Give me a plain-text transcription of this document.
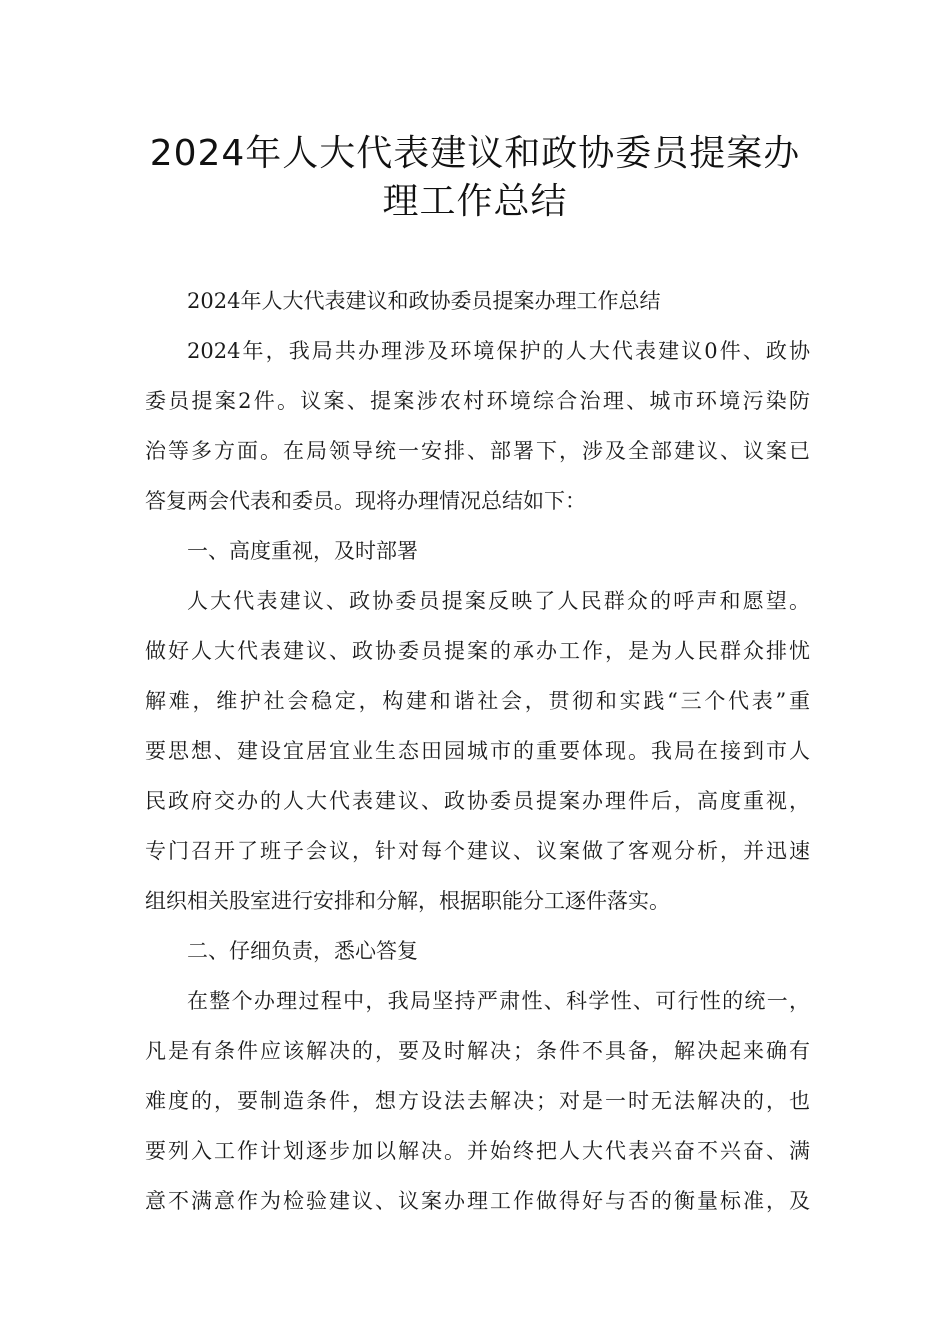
2024年人大代表建议和政协委员提案办
理工作总结
2024年人大代表建议和政协委员提案办理工作总结
2024年，我局共办理涉及环境保护的人大代表建议0件、政协
委员提案2件。议案、提案涉农村环境综合治理、城市环境污染防
治等多方面。在局领导统一安排、部署下，涉及全部建议、议案已
答复两会代表和委员。现将办理情况总结如下：
一、高度重视，及时部署
人大代表建议、政协委员提案反映了人民群众的呼声和愿望。
做好人大代表建议、政协委员提案的承办工作，是为人民群众排忧
解难，维护社会稳定，构建和谐社会，贯彻和实践“三个代表”重
要思想、建设宜居宜业生态田园城市的重要体现。我局在接到市人
民政府交办的人大代表建议、政协委员提案办理件后，高度重视，
专门召开了班子会议，针对每个建议、议案做了客观分析，并迅速
组织相关股室进行安排和分解，根据职能分工逐件落实。
二、仔细负责，悉心答复
在整个办理过程中，我局坚持严肃性、科学性、可行性的统一，
凡是有条件应该解决的，要及时解决；条件不具备，解决起来确有
难度的，要制造条件，想方设法去解决；对是一时无法解决的，也
要列入工作计划逐步加以解决。并始终把人大代表兴奋不兴奋、满
意不满意作为检验建议、议案办理工作做得好与否的衡量标准，及
